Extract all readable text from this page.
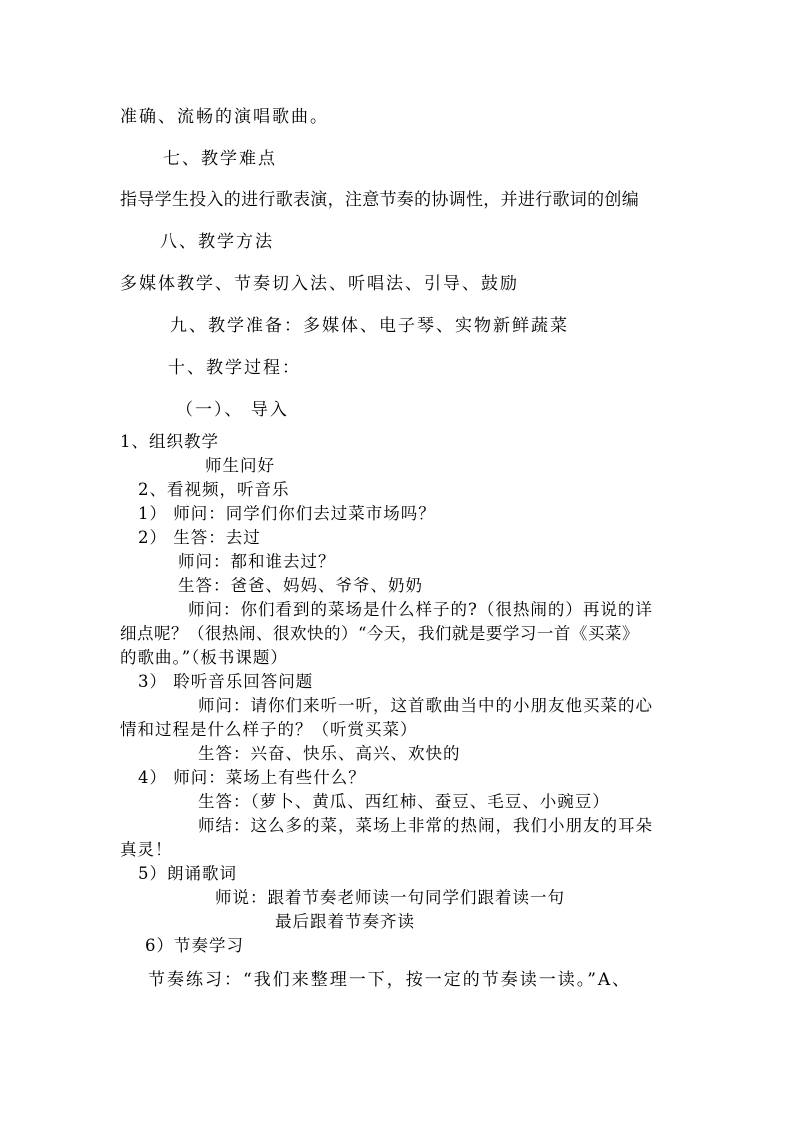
准确、流畅的演唱歌曲。
七、教学难点
指导学生投入的进行歌表演，注意节奏的协调性，并进行歌词的创编
八、教学方法
多媒体教学、节奏切入法、听唱法、引导、鼓励
九、教学准备：多媒体、电子琴、实物新鲜蔬菜
十、教学过程：
（一）、 导入
1、组织教学
师生问好
2、看视频，听音乐
1） 师问：同学们你们去过菜市场吗？
2） 生答：去过
师问：都和谁去过？
生答：爸爸、妈妈、爷爷、奶奶
师问：你们看到的菜场是什么样子的?（很热闹的）再说的详
细点呢？（很热闹、很欢快的）“今天，我们就是要学习一首《买菜》
的歌曲。”（板书课题）
3） 聆听音乐回答问题
师问：请你们来听一听，这首歌曲当中的小朋友他买菜的心
情和过程是什么样子的？（听赏买菜）
生答：兴奋、快乐、高兴、欢快的
4） 师问：菜场上有些什么？
生答：（萝卜、黄瓜、西红柿、蚕豆、毛豆、小豌豆）
师结：这么多的菜，菜场上非常的热闹，我们小朋友的耳朵
真灵！
5）朗诵歌词
师说：跟着节奏老师读一句同学们跟着读一句
最后跟着节奏齐读
6）节奏学习
节奏练习：“我们来整理一下，按一定的节奏读一读。”A、
